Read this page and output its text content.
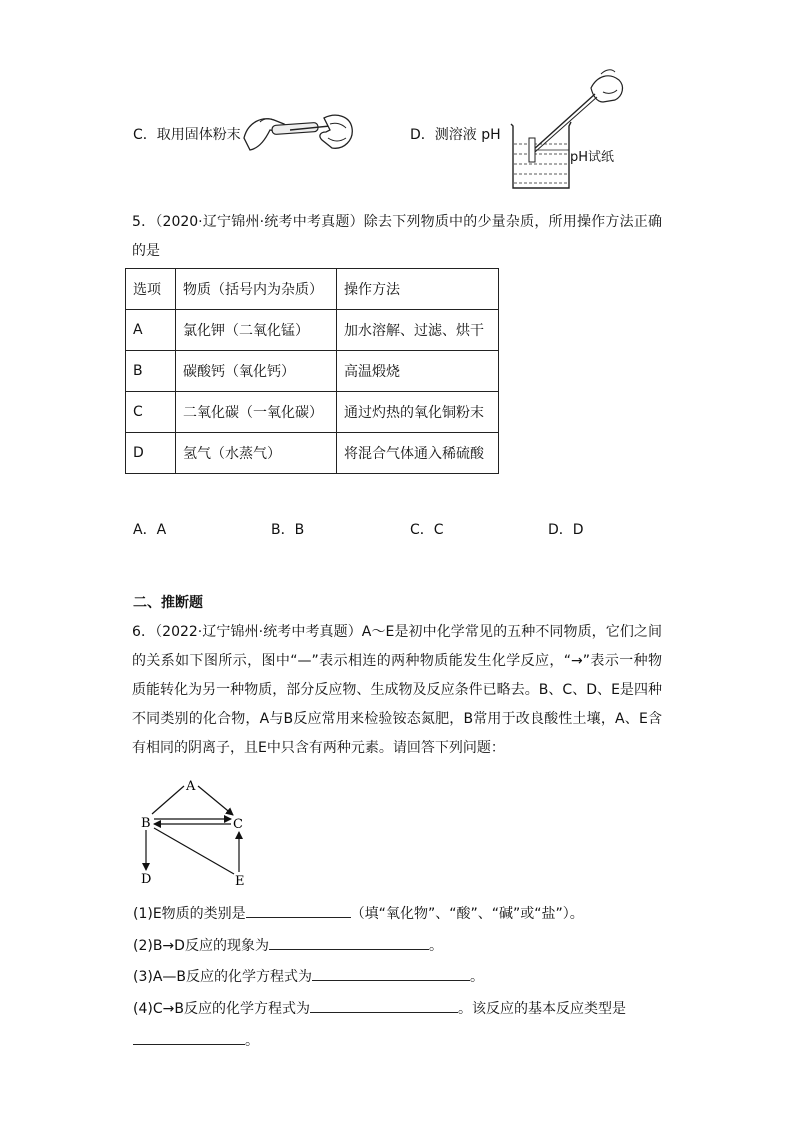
C．取用固体粉末	D．测溶液 pH
pH试纸
5．（2020·辽宁锦州·统考中考真题）除去下列物质中的少量杂质，所用操作方法正确的是
选项	物质（括号内为杂质）	操作方法
A	氯化钾（二氧化锰）	加水溶解、过滤、烘干
B	碳酸钙（氧化钙）	高温煅烧
C	二氧化碳（一氧化碳）	通过灼热的氧化铜粉末
D	氢气（水蒸气）	将混合气体通入稀硫酸
A．A	B．B	C．C	D．D
二、推断题
6．（2022·辽宁锦州·统考中考真题）A～E是初中化学常见的五种不同物质，它们之间的关系如下图所示，图中“—”表示相连的两种物质能发生化学反应，“→”表示一种物质能转化为另一种物质，部分反应物、生成物及反应条件已略去。B、C、D、E是四种不同类别的化合物，A与B反应常用来检验铵态氮肥，B常用于改良酸性土壤，A、E含有相同的阴离子，且E中只含有两种元素。请回答下列问题：
A
B	C
D	E
(1)E物质的类别是	（填“氧化物”、“酸”、“碱”或“盐”）。
(2)B→D反应的现象为	。
(3)A—B反应的化学方程式为	。
(4)C→B反应的化学方程式为	。该反应的基本反应类型是
。
